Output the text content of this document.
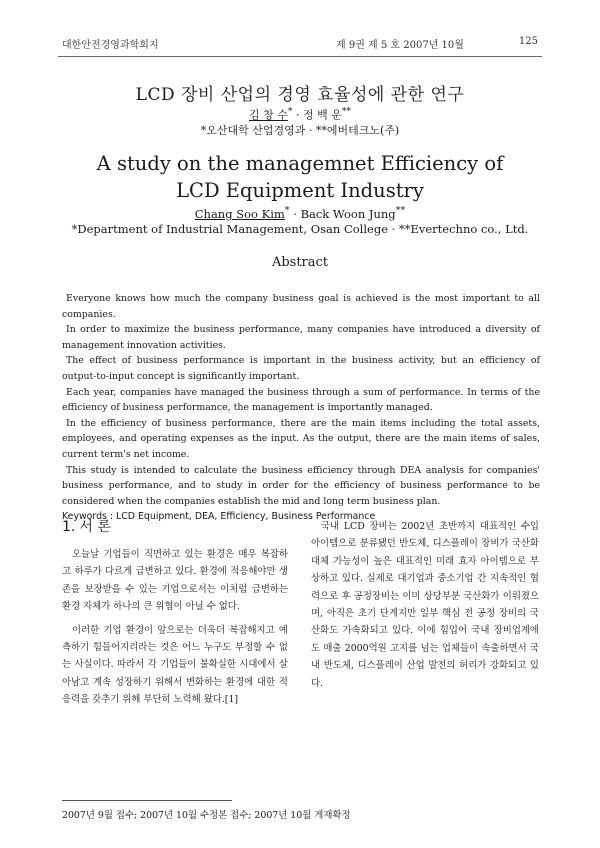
대한안전경영과학회지	제 9권 제 5 호 2007년 10월	125
LCD 장비 산업의 경영 효율성에 관한 연구
김 창 수* · 정 백 운**
*오산대학 산업경영과 · **에버테크노(주)
A study on the managemnet Efficiency of
LCD Equipment Industry
Chang Soo Kim* · Back Woon Jung**
*Department of Industrial Management, Osan College · **Evertechno co., Ltd.
Abstract

Everyone knows how much the company business goal is achieved is the most important to all companies.

In order to maximize the business performance, many companies have introduced a diversity of management innovation activities.

The effect of business performance is important in the business activity, but an efficiency of output-to-input concept is significantly important.

Each year, companies have managed the business through a sum of performance. In terms of the efficiency of business performance, the management is importantly managed.

In the efficiency of business performance, there are the main items including the total assets, employees, and operating expenses as the input. As the output, there are the main items of sales, current term's net income.

This study is intended to calculate the business efficiency through DEA analysis for companies' business performance, and to study in order for the efficiency of business performance to be considered when the companies establish the mid and long term business plan.

Keywords : LCD Equipment, DEA, Efficiency, Business Performance
1. 서 론

오늘날 기업들이 직면하고 있는 환경은 매우 복잡하고 하루가 다르게 급변하고 있다. 환경에 적응해야만 생존을 보장받을 수 있는 기업으로서는 이처럼 급변하는 환경 자체가 하나의 큰 위협이 아닐 수 없다.

이러한 기업 환경이 앞으로는 더욱더 복잡해지고 예측하기 힘들어지리라는 것은 어느 누구도 부정할 수 없는 사실이다. 따라서 각 기업들이 불확실한 시대에서 살아남고 계속 성장하기 위해서 변화하는 환경에 대한 적응력을 갖추기 위해 부단히 노력해 왔다.[1]

국내 LCD 장비는 2002년 초반까지 대표적인 수입 아이템으로 분류됐던 반도체, 디스플레이 장비가 국산화 대체 가능성이 높은 대표적인 미래 효자 아이템으로 부상하고 있다. 실제로 대기업과 중소기업 간 지속적인 협력으로 후 공정장비는 이미 상당부분 국산화가 이뤄졌으며, 아직은 초기 단계지만 일부 핵심 전 공정 장비의 국산화도 가속화되고 있다. 이에 힘입어 국내 장비업계에도 매출 2000억원 고지를 넘는 업체들이 속출하면서 국내 반도체, 디스플레이 산업 발전의 허리가 강화되고 있다.

2007년 9월 접수; 2007년 10월 수정본 접수; 2007년 10월 게재확정
